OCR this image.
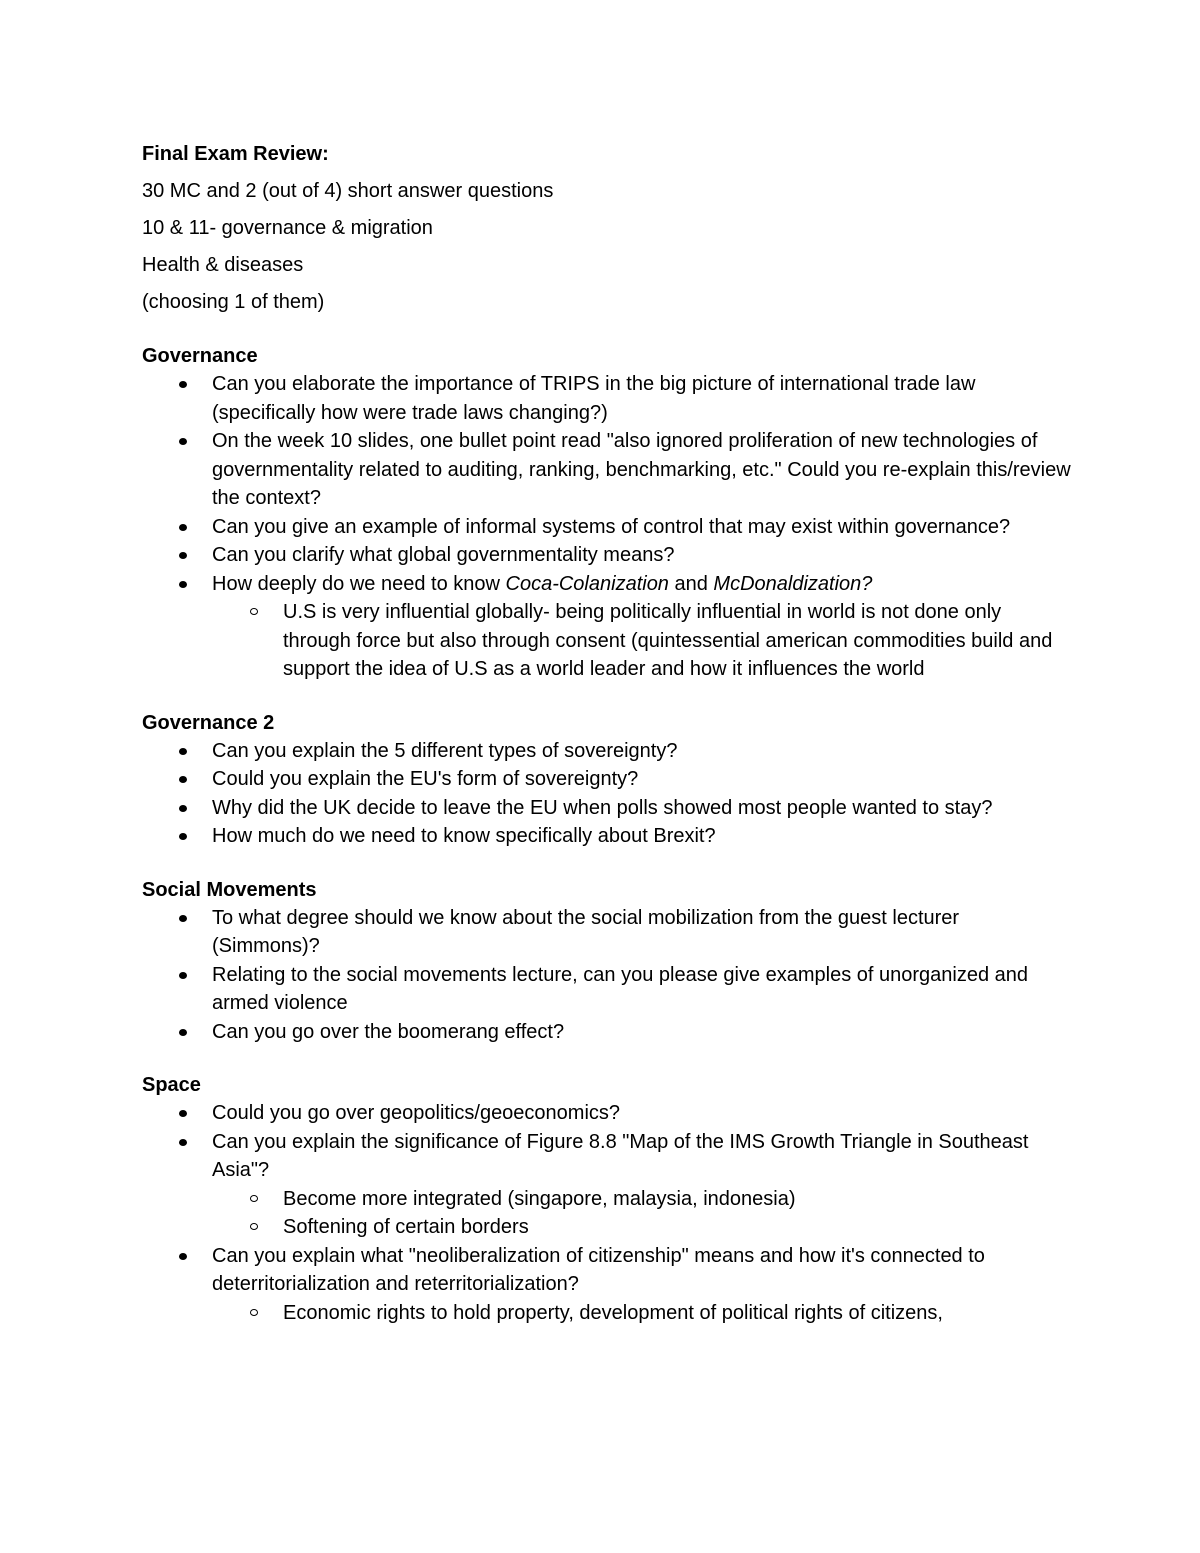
Final Exam Review:
30 MC and 2 (out of 4) short answer questions
10 & 11- governance & migration
Health & diseases
(choosing 1 of them)
Governance
Can you elaborate the importance of TRIPS in the big picture of international trade law (specifically how were trade laws changing?)
On the week 10 slides, one bullet point read "also ignored proliferation of new technologies of governmentality related to auditing, ranking, benchmarking, etc." Could you re-explain this/review the context?
Can you give an example of informal systems of control that may exist within governance?
Can you clarify what global governmentality means?
How deeply do we need to know Coca-Colanization and McDonaldization?
U.S is very influential globally- being politically influential in world is not done only through force but also through consent (quintessential american commodities build and support the idea of U.S as a world leader and how it influences the world
Governance 2
Can you explain the 5 different types of sovereignty?
Could you explain the EU's form of sovereignty?
Why did the UK decide to leave the EU when polls showed most people wanted to stay?
How much do we need to know specifically about Brexit?
Social Movements
To what degree should we know about the social mobilization from the guest lecturer (Simmons)?
Relating to the social movements lecture, can you please give examples of unorganized and armed violence
Can you go over the boomerang effect?
Space
Could you go over geopolitics/geoeconomics?
Can you explain the significance of Figure 8.8 "Map of the IMS Growth Triangle in Southeast Asia"?
Become more integrated (singapore, malaysia, indonesia)
Softening of certain borders
Can you explain what "neoliberalization of citizenship" means and how it's connected to deterritorialization and reterritorialization?
Economic rights to hold property, development of political rights of citizens,
